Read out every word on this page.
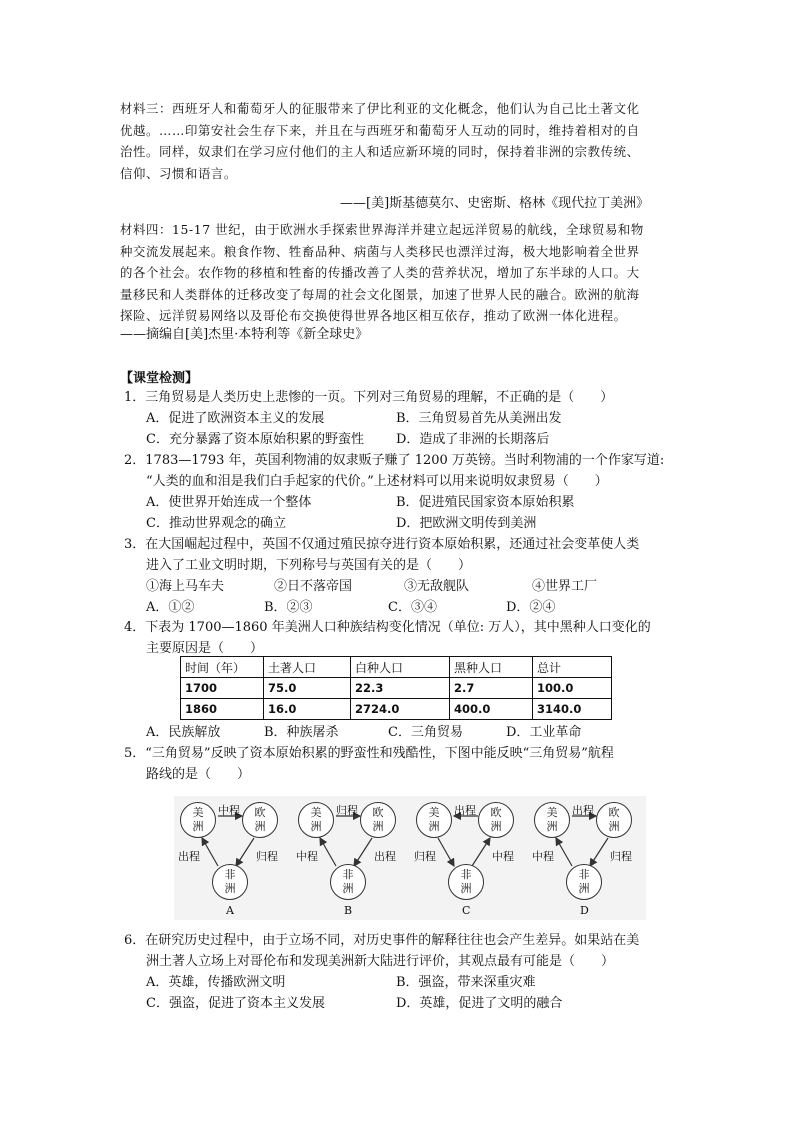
材料三：西班牙人和葡萄牙人的征服带来了伊比利亚的文化概念，他们认为自己比土著文化
优越。……印第安社会生存下来，并且在与西班牙和葡萄牙人互动的同时，维持着相对的自
治性。同样，奴隶们在学习应付他们的主人和适应新环境的同时，保持着非洲的宗教传统、
信仰、习惯和语言。
——[美]斯基德莫尔、史密斯、格林《现代拉丁美洲》
材料四：15-17 世纪，由于欧洲水手探索世界海洋并建立起远洋贸易的航线，全球贸易和物
种交流发展起来。粮食作物、牲畜品种、病菌与人类移民也漂洋过海，极大地影响着全世界
的各个社会。农作物的移植和牲畜的传播改善了人类的营养状况，增加了东半球的人口。大
量移民和人类群体的迁移改变了每周的社会文化图景，加速了世界人民的融合。欧洲的航海
探险、远洋贸易网络以及哥伦布交换使得世界各地区相互依存，推动了欧洲一体化进程。
——摘编自[美]杰里·本特利等《新全球史》
【课堂检测】
1．三角贸易是人类历史上悲惨的一页。下列对三角贸易的理解，不正确的是（　　）
A．促进了欧洲资本主义的发展	B．三角贸易首先从美洲出发
C．充分暴露了资本原始积累的野蛮性	D．造成了非洲的长期落后
2．1783—1793 年，英国利物浦的奴隶贩子赚了 1200 万英镑。当时利物浦的一个作家写道:
“人类的血和泪是我们白手起家的代价。”上述材料可以用来说明奴隶贸易（　　）
A．使世界开始连成一个整体	B．促进殖民国家资本原始积累
C．推动世界观念的确立	D．把欧洲文明传到美洲
3．在大国崛起过程中，英国不仅通过殖民掠夺进行资本原始积累，还通过社会变革使人类
进入了工业文明时期，下列称号与英国有关的是（　　）
①海上马车夫	②日不落帝国	③无敌舰队	④世界工厂
A．①②	B．②③	C．③④	D．②④
4．下表为 1700—1860 年美洲人口种族结构变化情况（单位: 万人），其中黑种人口变化的
主要原因是（　　）
时间（年）	土著人口	白种人口	黑种人口	总计
1700	75.0	22.3	2.7	100.0
1860	16.0	2724.0	400.0	3140.0
A．民族解放	B．种族屠杀	C．三角贸易	D．工业革命
5．“三角贸易”反映了资本原始积累的野蛮性和残酷性，下图中能反映“三角贸易”航程
路线的是（　　）
美
洲
欧
洲
非
洲
中程
出程	归程
A
美
洲
欧
洲
非
洲
归程
中程	出程
B
美
洲
欧
洲
非
洲
出程
归程	中程
C
美
洲
欧
洲
非
洲
出程
中程	归程
D
6．在研究历史过程中，由于立场不同，对历史事件的解释往往也会产生差异。如果站在美
洲土著人立场上对哥伦布和发现美洲新大陆进行评价，其观点最有可能是（　　）
A．英雄，传播欧洲文明	B．强盗，带来深重灾难
C．强盗，促进了资本主义发展	D．英雄，促进了文明的融合
